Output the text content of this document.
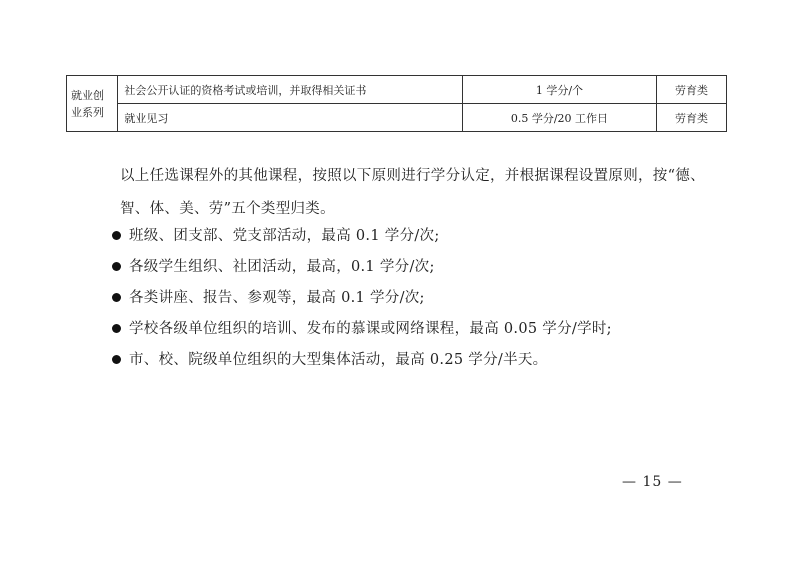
就业创业系列	社会公开认证的资格考试或培训，并取得相关证书	1 学分/个	劳育类
	就业见习	0.5 学分/20 工作日	劳育类
以上任选课程外的其他课程，按照以下原则进行学分认定，并根据课程设置原则，按“德、智、体、美、劳”五个类型归类。
班级、团支部、党支部活动，最高 0.1 学分/次;
各级学生组织、社团活动，最高，0.1 学分/次;
各类讲座、报告、参观等，最高 0.1 学分/次;
学校各级单位组织的培训、发布的慕课或网络课程，最高 0.05 学分/学时;
市、校、院级单位组织的大型集体活动，最高 0.25 学分/半天。
— 15 —
